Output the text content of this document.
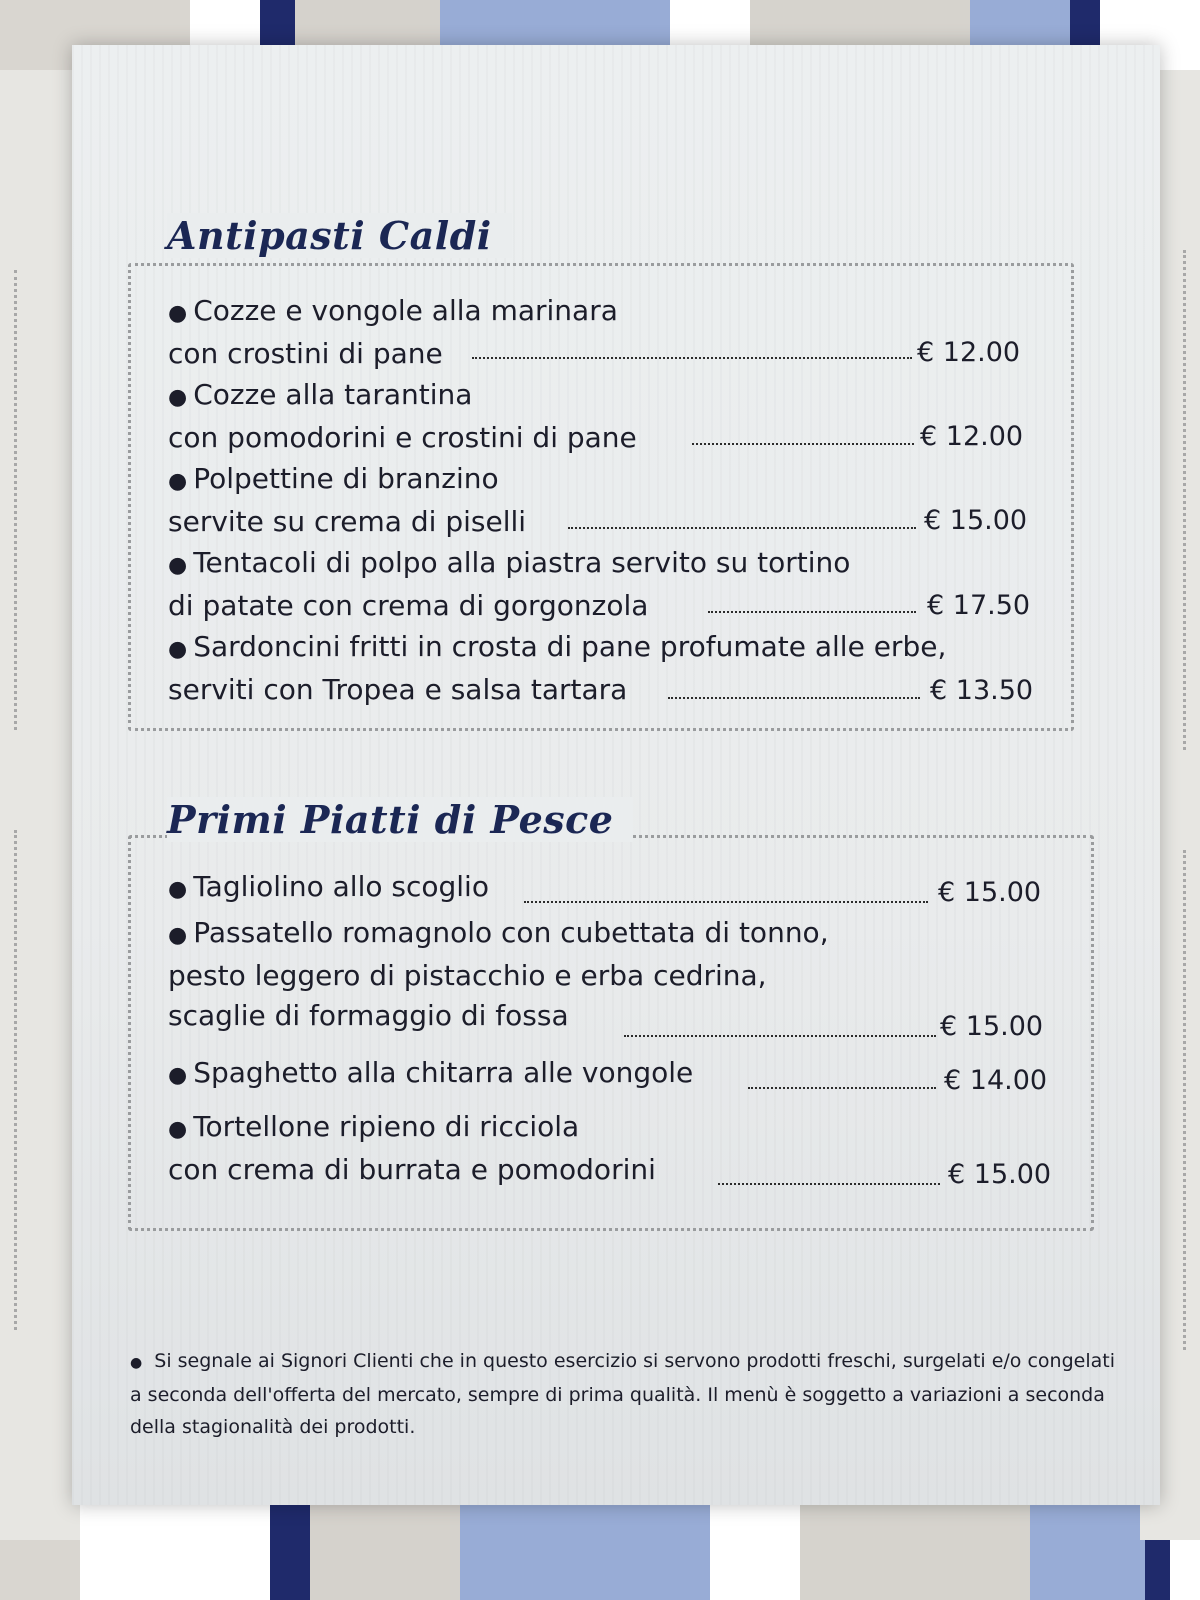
Antipasti Caldi
● Cozze e vongole alla marinara
con crostini di pane	€ 12.00
● Cozze alla tarantina
con pomodorini e crostini di pane	€ 12.00
● Polpettine di branzino
servite su crema di piselli	€ 15.00
● Tentacoli di polpo alla piastra servito su tortino
di patate con crema di gorgonzola	€ 17.50
● Sardoncini fritti in crosta di pane profumate alle erbe,
serviti con Tropea e salsa tartara	€ 13.50
Primi Piatti di Pesce
● Tagliolino allo scoglio	€ 15.00
● Passatello romagnolo con cubettata di tonno,
pesto leggero di pistacchio e erba cedrina,
scaglie di formaggio di fossa	€ 15.00
● Spaghetto alla chitarra alle vongole	€ 14.00
● Tortellone ripieno di ricciola
con crema di burrata e pomodorini	€ 15.00
● Si segnale ai Signori Clienti che in questo esercizio si servono prodotti freschi, surgelati e/o congelati a seconda dell'offerta del mercato, sempre di prima qualità. Il menù è soggetto a variazioni a seconda della stagionalità dei prodotti.
